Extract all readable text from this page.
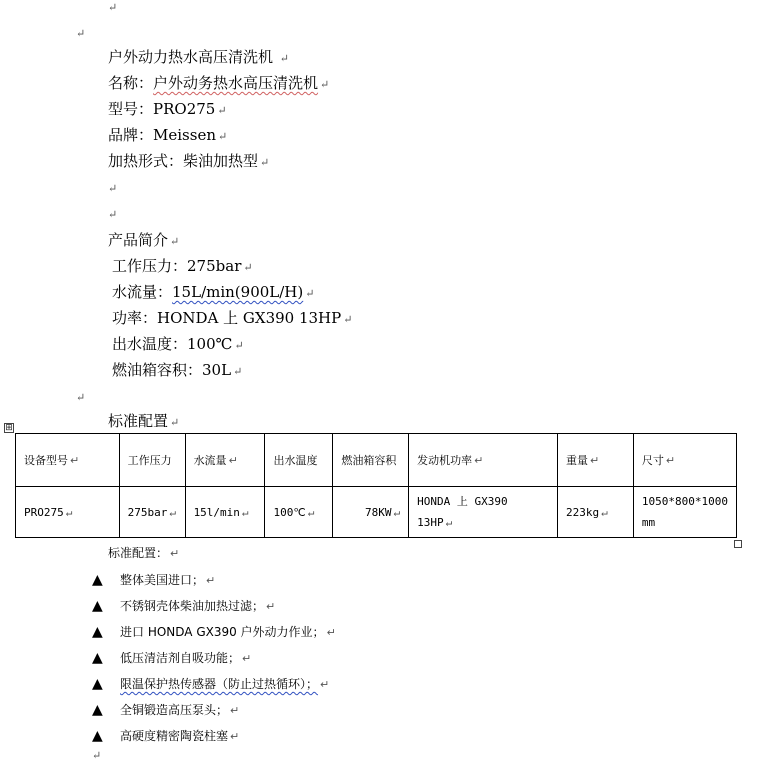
↵
↵
户外动力热水高压清洗机 ↵
名称：户外动务热水高压清洗机 ↵
型号：PRO275 ↵
品牌：Meissen ↵
加热形式：柴油加热型 ↵
↵
↵
产品简介 ↵
工作压力：275bar ↵
水流量：15L/min(900L/H) ↵
功率：HONDA 上 GX390 13HP ↵
出水温度：100℃ ↵
燃油箱容积：30L ↵
↵
标准配置 ↵
⊞
设备型号 ↵	工作压力	水流量 ↵	出水温度	燃油箱容积	发动机功率 ↵	重量 ↵	尺寸 ↵
PRO275 ↵	275bar ↵	15l/min ↵	100℃ ↵	78KW ↵	HONDA 上 GX390 13HP ↵	223kg ↵	1050*800*1000 mm
标准配置： ↵
▲ 整体美国进口； ↵
▲ 不锈钢壳体柴油加热过滤； ↵
▲ 进口 HONDA GX390 户外动力作业； ↵
▲ 低压清洁剂自吸功能； ↵
▲ 限温保护热传感器（防止过热循环）； ↵
▲ 全铜锻造高压泵头； ↵
▲ 高硬度精密陶瓷柱塞 ↵
↵
